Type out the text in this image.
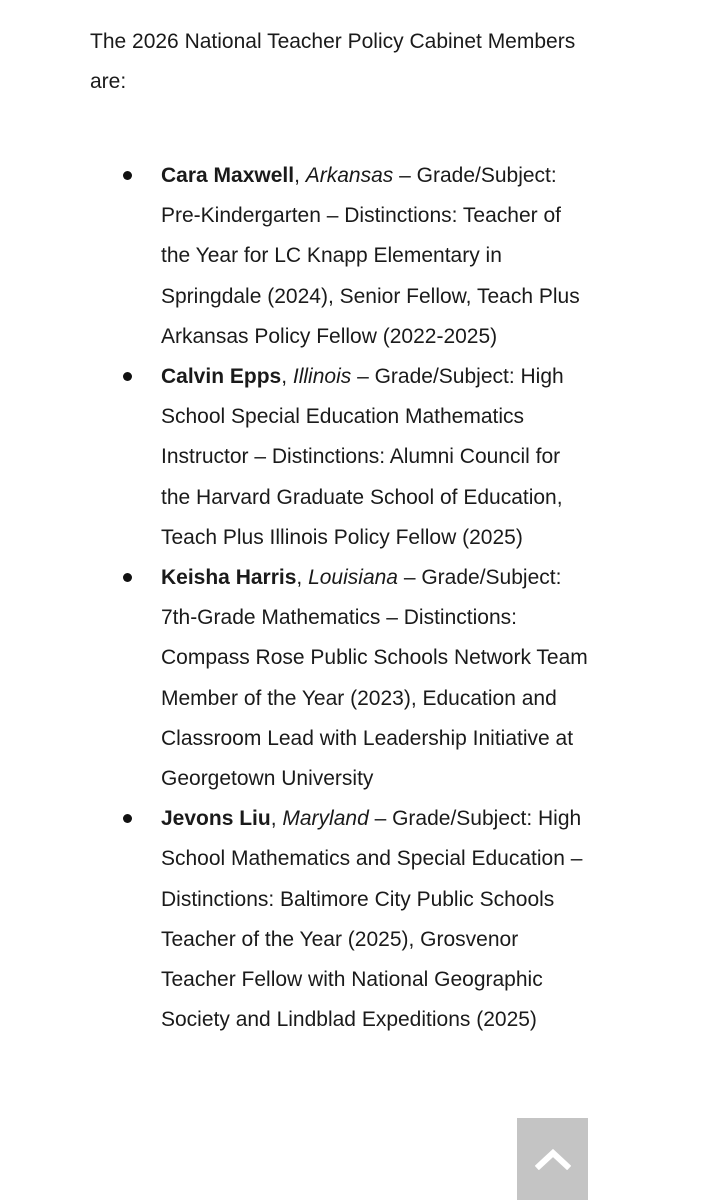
The 2026 National Teacher Policy Cabinet Members are:

Cara Maxwell, Arkansas – Grade/Subject: Pre-Kindergarten – Distinctions: Teacher of the Year for LC Knapp Elementary in Springdale (2024), Senior Fellow, Teach Plus Arkansas Policy Fellow (2022-2025)
Calvin Epps, Illinois – Grade/Subject: High School Special Education Mathematics Instructor – Distinctions: Alumni Council for the Harvard Graduate School of Education, Teach Plus Illinois Policy Fellow (2025)
Keisha Harris, Louisiana – Grade/Subject: 7th-Grade Mathematics – Distinctions: Compass Rose Public Schools Network Team Member of the Year (2023), Education and Classroom Lead with Leadership Initiative at Georgetown University
Jevons Liu, Maryland – Grade/Subject: High School Mathematics and Special Education – Distinctions: Baltimore City Public Schools Teacher of the Year (2025), Grosvenor Teacher Fellow with National Geographic Society and Lindblad Expeditions (2025)
